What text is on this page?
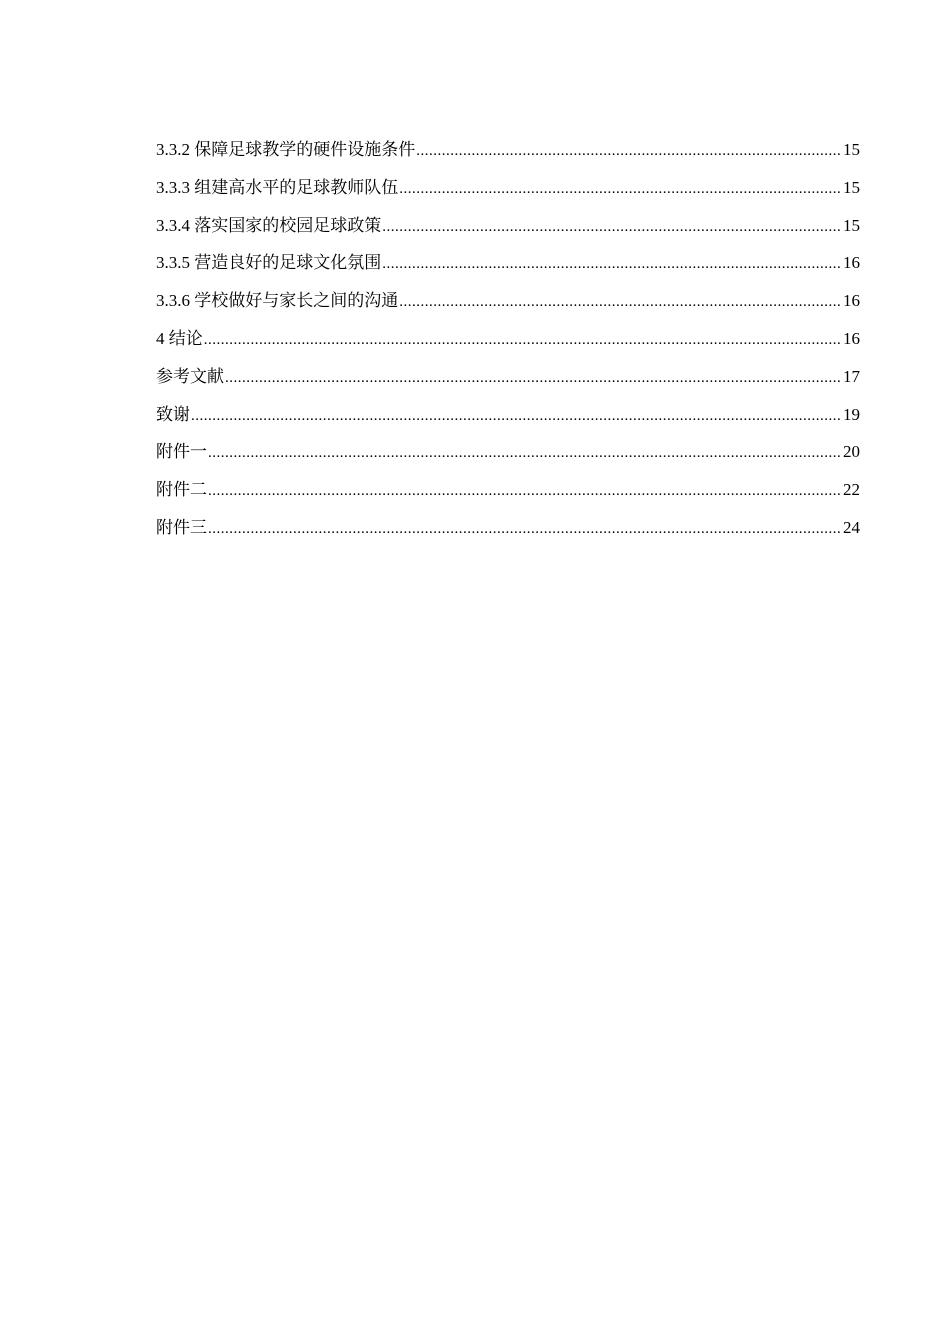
3.3.2 保障足球教学的硬件设施条件 .....	15
3.3.3 组建高水平的足球教师队伍 .....	15
3.3.4 落实国家的校园足球政策 .....	15
3.3.5 营造良好的足球文化氛围 .....	16
3.3.6 学校做好与家长之间的沟通 .....	16
4 结论 .....	16
参考文献 .....	17
致谢 .....	19
附件一 .....	20
附件二 .....	22
附件三 .....	24
